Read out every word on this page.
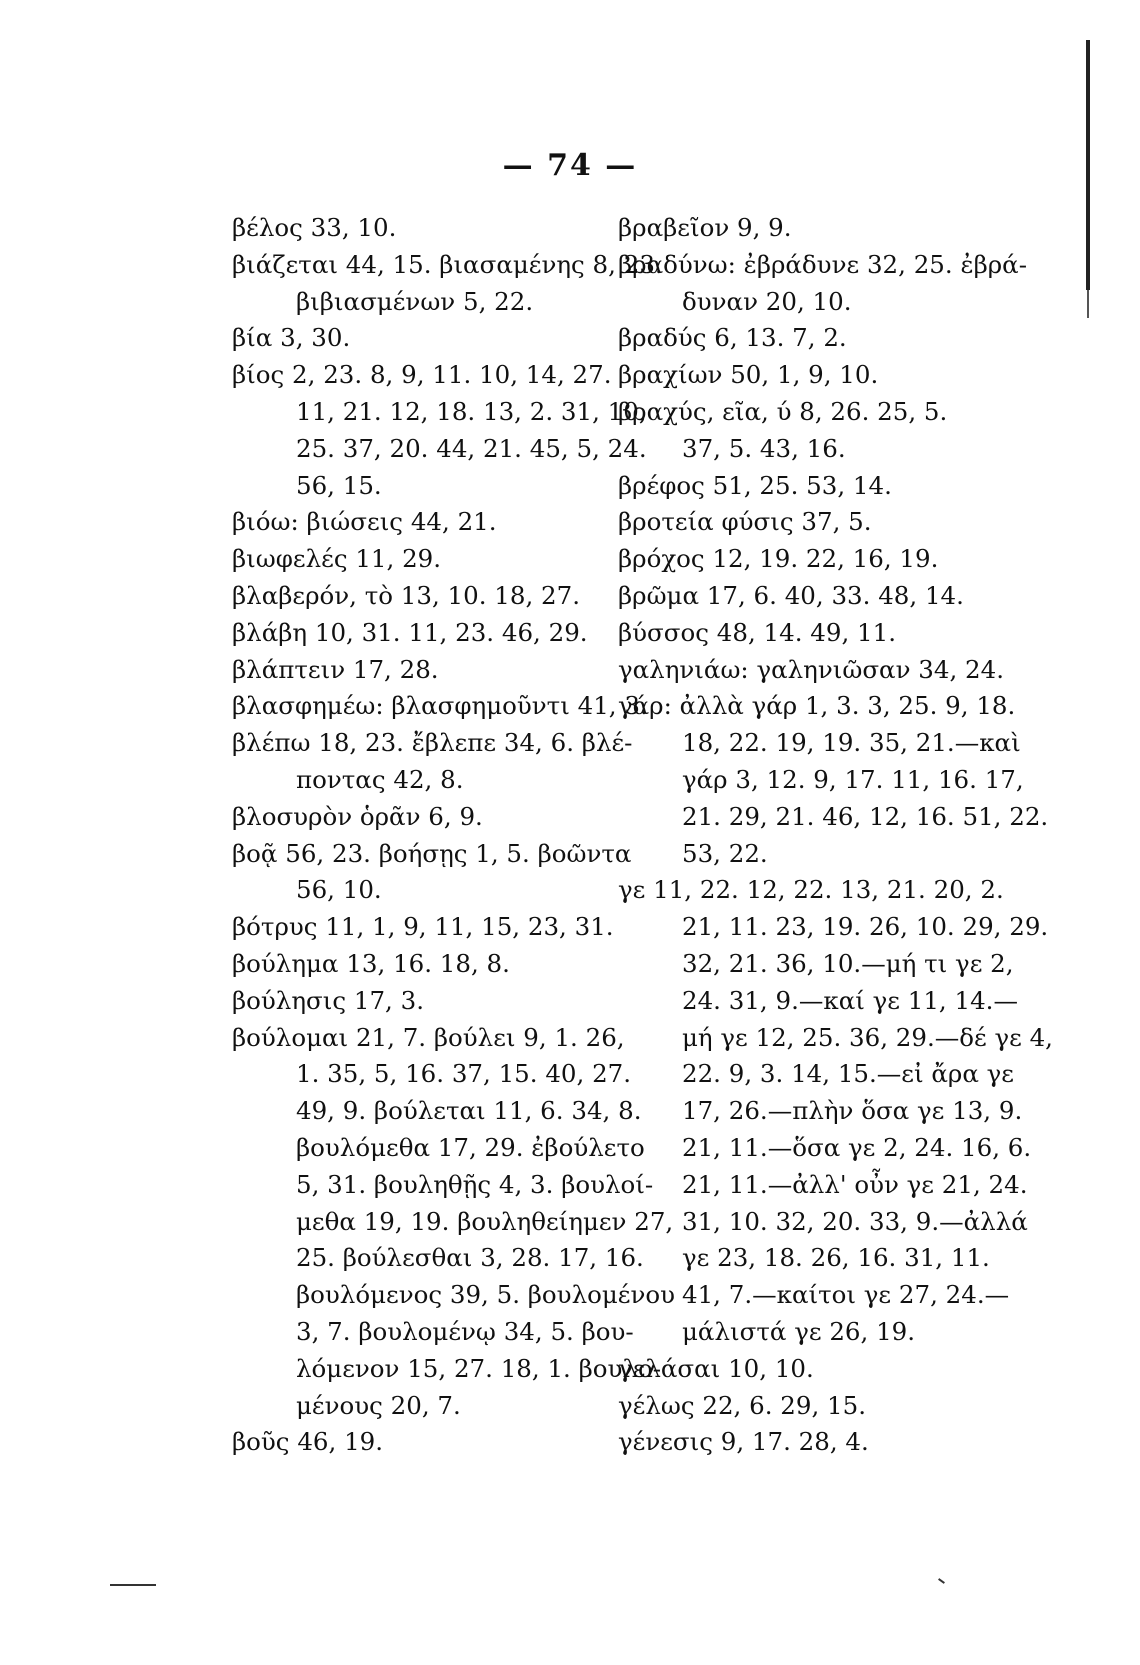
— 74 —
βέλος 33, 10.
βιάζεται 44, 15. βιασαμένης 8, 23.
βιβιασμένων 5, 22.
βία 3, 30.
βίος 2, 23. 8, 9, 11. 10, 14, 27.
11, 21. 12, 18. 13, 2. 31, 10,
25. 37, 20. 44, 21. 45, 5, 24.
56, 15.
βιόω: βιώσεις 44, 21.
βιωφελές 11, 29.
βλαβερόν, τὸ 13, 10. 18, 27.
βλάβη 10, 31. 11, 23. 46, 29.
βλάπτειν 17, 28.
βλασφημέω: βλασφημοῦντι 41, 3.
βλέπω 18, 23. ἔβλεπε 34, 6. βλέ-
ποντας 42, 8.
βλοσυρὸν ὁρᾶν 6, 9.
βοᾷ 56, 23. βοήσῃς 1, 5. βοῶντα
56, 10.
βότρυς 11, 1, 9, 11, 15, 23, 31.
βούλημα 13, 16. 18, 8.
βούλησις 17, 3.
βούλομαι 21, 7. βούλει 9, 1. 26,
1. 35, 5, 16. 37, 15. 40, 27.
49, 9. βούλεται 11, 6. 34, 8.
βουλόμεθα 17, 29. ἐβούλετο
5, 31. βουληθῇς 4, 3. βουλοί-
μεθα 19, 19. βουληθείημεν 27,
25. βούλεσθαι 3, 28. 17, 16.
βουλόμενος 39, 5. βουλομένου
3, 7. βουλομένῳ 34, 5. βου-
λόμενον 15, 27. 18, 1. βουλο-
μένους 20, 7.
βοῦς 46, 19.
βραβεῖον 9, 9.
βραδύνω: ἐβράδυνε 32, 25. ἐβρά-
δυναν 20, 10.
βραδύς 6, 13. 7, 2.
βραχίων 50, 1, 9, 10.
βραχύς, εῖα, ύ 8, 26. 25, 5.
37, 5. 43, 16.
βρέφος 51, 25. 53, 14.
βροτεία φύσις 37, 5.
βρόχος 12, 19. 22, 16, 19.
βρῶμα 17, 6. 40, 33. 48, 14.
βύσσος 48, 14. 49, 11.
γαληνιάω: γαληνιῶσαν 34, 24.
γάρ: ἀλλὰ γάρ 1, 3. 3, 25. 9, 18.
18, 22. 19, 19. 35, 21.—καὶ
γάρ 3, 12. 9, 17. 11, 16. 17,
21. 29, 21. 46, 12, 16. 51, 22.
53, 22.
γε 11, 22. 12, 22. 13, 21. 20, 2.
21, 11. 23, 19. 26, 10. 29, 29.
32, 21. 36, 10.—μή τι γε 2,
24. 31, 9.—καί γε 11, 14.—
μή γε 12, 25. 36, 29.—δέ γε 4,
22. 9, 3. 14, 15.—εἰ ἄρα γε
17, 26.—πλὴν ὅσα γε 13, 9.
21, 11.—ὅσα γε 2, 24. 16, 6.
21, 11.—ἀλλ' οὖν γε 21, 24.
31, 10. 32, 20. 33, 9.—ἀλλά
γε 23, 18. 26, 16. 31, 11.
41, 7.—καίτοι γε 27, 24.—
μάλιστά γε 26, 19.
γελάσαι 10, 10.
γέλως 22, 6. 29, 15.
γένεσις 9, 17. 28, 4.
